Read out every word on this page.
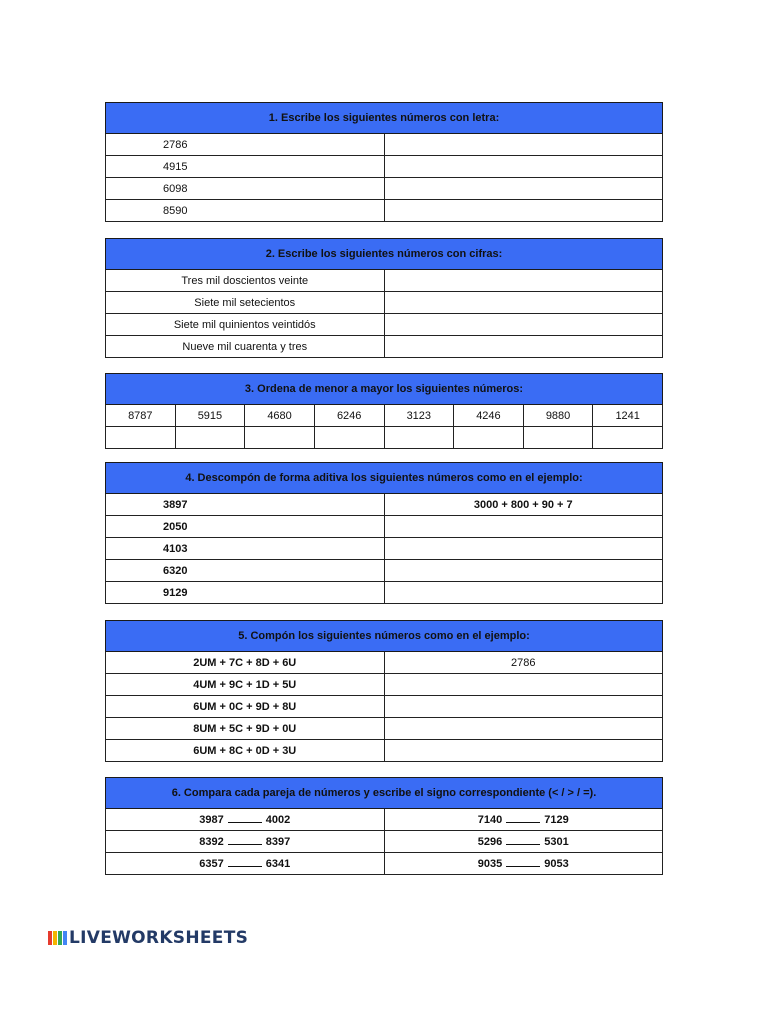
1. Escribe los siguientes números con letra:	
2786	
4915	
6098	
8590	
2. Escribe los siguientes números con cifras:	
Tres mil doscientos veinte	
Siete mil setecientos	
Siete mil quinientos veintidós	
Nueve mil cuarenta y tres	
3. Ordena de menor a mayor los siguientes números:							
8787	5915	4680	6246	3123	4246	9880	1241

4. Descompón de forma aditiva los siguientes números como en el ejemplo:	
3897	3000 + 800 + 90 + 7
2050	
4103	
6320	
9129	
5. Compón los siguientes números como en el ejemplo:	
2UM + 7C + 8D + 6U	2786
4UM + 9C + 1D + 5U	
6UM + 0C + 9D + 8U	
8UM + 5C + 9D + 0U	
6UM + 8C + 0D + 3U	
6. Compara cada pareja de números y escribe el signo correspondiente (< / > / =).	
3987 4002	7140 7129
8392 8397	5296 5301
6357 6341	9035 9053
LIVEWORKSHEETS
